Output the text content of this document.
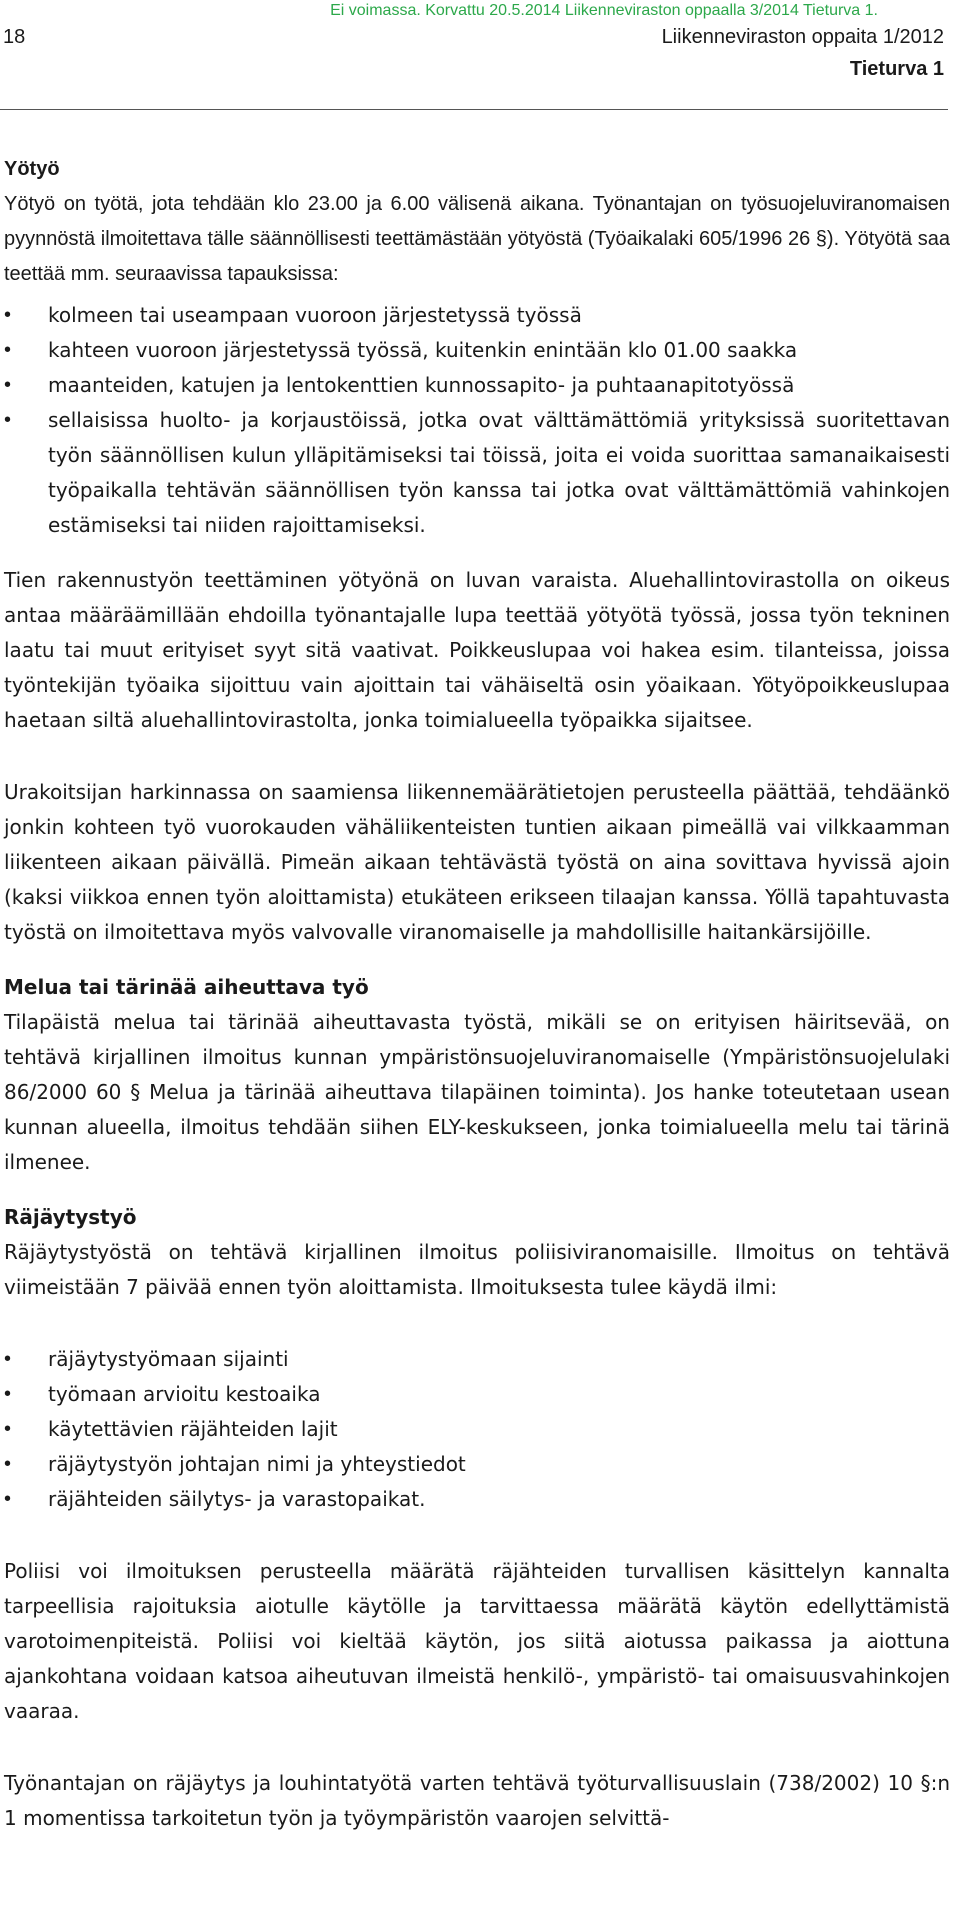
Ei voimassa. Korvattu 20.5.2014 Liikenneviraston oppaalla 3/2014 Tieturva 1.
18	Liikenneviraston oppaita 1/2012
Tieturva 1
Yötyö

Yötyö on työtä, jota tehdään klo 23.00 ja 6.00 välisenä aikana. Työnantajan on työsuojeluviranomaisen pyynnöstä ilmoitettava tälle säännöllisesti teettämästään yötyöstä (Työaikalaki 605/1996 26 §). Yötyötä saa teettää mm. seuraavissa tapauksissa:

• kolmeen tai useampaan vuoroon järjestetyssä työssä
• kahteen vuoroon järjestetyssä työssä, kuitenkin enintään klo 01.00 saakka
• maanteiden, katujen ja lentokenttien kunnossapito- ja puhtaanapitotyössä
• sellaisissa huolto- ja korjaustöissä, jotka ovat välttämättömiä yrityksissä suoritettavan työn säännöllisen kulun ylläpitämiseksi tai töissä, joita ei voida suorittaa samanaikaisesti työpaikalla tehtävän säännöllisen työn kanssa tai jotka ovat välttämättömiä vahinkojen estämiseksi tai niiden rajoittamiseksi.

Tien rakennustyön teettäminen yötyönä on luvan varaista. Aluehallintovirastolla on oikeus antaa määräämillään ehdoilla työnantajalle lupa teettää yötyötä työssä, jossa työn tekninen laatu tai muut erityiset syyt sitä vaativat. Poikkeuslupaa voi hakea esim. tilanteissa, joissa työntekijän työaika sijoittuu vain ajoittain tai vähäiseltä osin yöaikaan. Yötyöpoikkeuslupaa haetaan siltä aluehallintovirastolta, jonka toimialueella työpaikka sijaitsee.

Urakoitsijan harkinnassa on saamiensa liikennemäärätietojen perusteella päättää, tehdäänkö jonkin kohteen työ vuorokauden vähäliikenteisten tuntien aikaan pimeällä vai vilkkaamman liikenteen aikaan päivällä. Pimeän aikaan tehtävästä työstä on aina sovittava hyvissä ajoin (kaksi viikkoa ennen työn aloittamista) etukäteen erikseen tilaajan kanssa. Yöllä tapahtuvasta työstä on ilmoitettava myös valvovalle viranomaiselle ja mahdollisille haitankärsijöille.

Melua tai tärinää aiheuttava työ

Tilapäistä melua tai tärinää aiheuttavasta työstä, mikäli se on erityisen häiritsevää, on tehtävä kirjallinen ilmoitus kunnan ympäristönsuojeluviranomaiselle (Ympäristönsuojelulaki 86/2000 60 § Melua ja tärinää aiheuttava tilapäinen toiminta). Jos hanke toteutetaan usean kunnan alueella, ilmoitus tehdään siihen ELY-keskukseen, jonka toimialueella melu tai tärinä ilmenee.

Räjäytystyö

Räjäytystyöstä on tehtävä kirjallinen ilmoitus poliisiviranomaisille. Ilmoitus on tehtävä viimeistään 7 päivää ennen työn aloittamista. Ilmoituksesta tulee käydä ilmi:

• räjäytystyömaan sijainti
• työmaan arvioitu kestoaika
• käytettävien räjähteiden lajit
• räjäytystyön johtajan nimi ja yhteystiedot
• räjähteiden säilytys- ja varastopaikat.

Poliisi voi ilmoituksen perusteella määrätä räjähteiden turvallisen käsittelyn kannalta tarpeellisia rajoituksia aiotulle käytölle ja tarvittaessa määrätä käytön edellyttämistä varotoimenpiteistä. Poliisi voi kieltää käytön, jos siitä aiotussa paikassa ja aiottuna ajankohtana voidaan katsoa aiheutuvan ilmeistä henkilö-, ympäristö- tai omaisuusvahinkojen vaaraa.

Työnantajan on räjäytys ja louhintatyötä varten tehtävä työturvallisuuslain (738/2002) 10 §:n 1 momentissa tarkoitetun työn ja työympäristön vaarojen selvittä-
